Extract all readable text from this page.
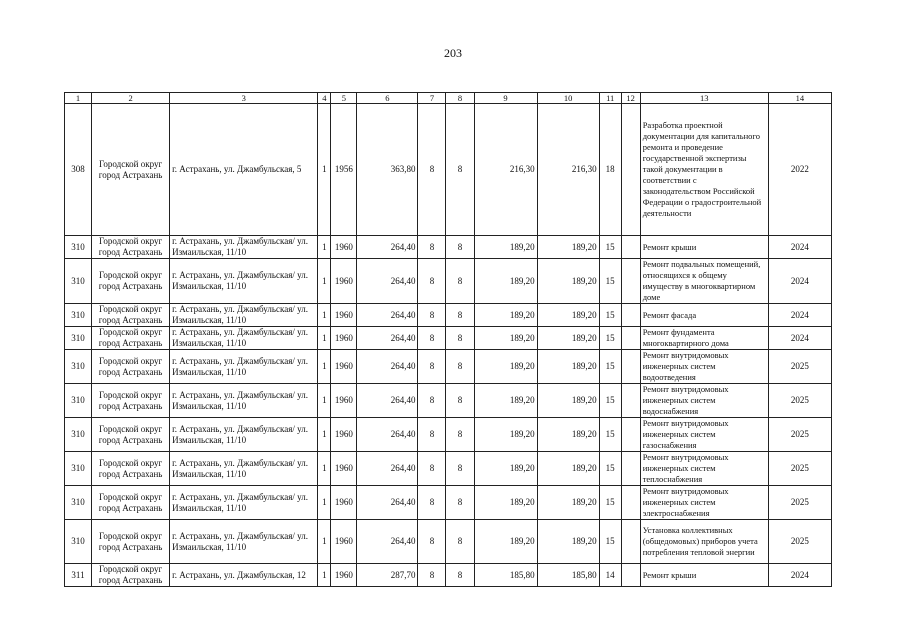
203
1	2	3	4	5	6	7	8	9	10	11	12	13	14
308	Городской округ город Астрахань	г. Астрахань, ул. Джамбульская, 5	1	1956	363,80	8	8	216,30	216,30	18		Разработка проектной документации для капитального ремонта и проведение государственной экспертизы такой документации в соответствии с законодательством Российской Федерации о градостроительной деятельности	2022
310	Городской округ город Астрахань	г. Астрахань, ул. Джамбульская/ ул. Измаильская, 11/10	1	1960	264,40	8	8	189,20	189,20	15		Ремонт крыши	2024
310	Городской округ город Астрахань	г. Астрахань, ул. Джамбульская/ ул. Измаильская, 11/10	1	1960	264,40	8	8	189,20	189,20	15		Ремонт подвальных помещений, относящихся к общему имуществу в многоквартирном доме	2024
310	Городской округ город Астрахань	г. Астрахань, ул. Джамбульская/ ул. Измаильская, 11/10	1	1960	264,40	8	8	189,20	189,20	15		Ремонт фасада	2024
310	Городской округ город Астрахань	г. Астрахань, ул. Джамбульская/ ул. Измаильская, 11/10	1	1960	264,40	8	8	189,20	189,20	15		Ремонт фундамента многоквартирного дома	2024
310	Городской округ город Астрахань	г. Астрахань, ул. Джамбульская/ ул. Измаильская, 11/10	1	1960	264,40	8	8	189,20	189,20	15		Ремонт внутридомовых инженерных систем водоотведения	2025
310	Городской округ город Астрахань	г. Астрахань, ул. Джамбульская/ ул. Измаильская, 11/10	1	1960	264,40	8	8	189,20	189,20	15		Ремонт внутридомовых инженерных систем водоснабжения	2025
310	Городской округ город Астрахань	г. Астрахань, ул. Джамбульская/ ул. Измаильская, 11/10	1	1960	264,40	8	8	189,20	189,20	15		Ремонт внутридомовых инженерных систем газоснабжения	2025
310	Городской округ город Астрахань	г. Астрахань, ул. Джамбульская/ ул. Измаильская, 11/10	1	1960	264,40	8	8	189,20	189,20	15		Ремонт внутридомовых инженерных систем теплоснабжения	2025
310	Городской округ город Астрахань	г. Астрахань, ул. Джамбульская/ ул. Измаильская, 11/10	1	1960	264,40	8	8	189,20	189,20	15		Ремонт внутридомовых инженерных систем электроснабжения	2025
310	Городской округ город Астрахань	г. Астрахань, ул. Джамбульская/ ул. Измаильская, 11/10	1	1960	264,40	8	8	189,20	189,20	15		Установка коллективных (общедомовых) приборов учета потребления тепловой энергии	2025
311	Городской округ город Астрахань	г. Астрахань, ул. Джамбульская, 12	1	1960	287,70	8	8	185,80	185,80	14		Ремонт крыши	2024
